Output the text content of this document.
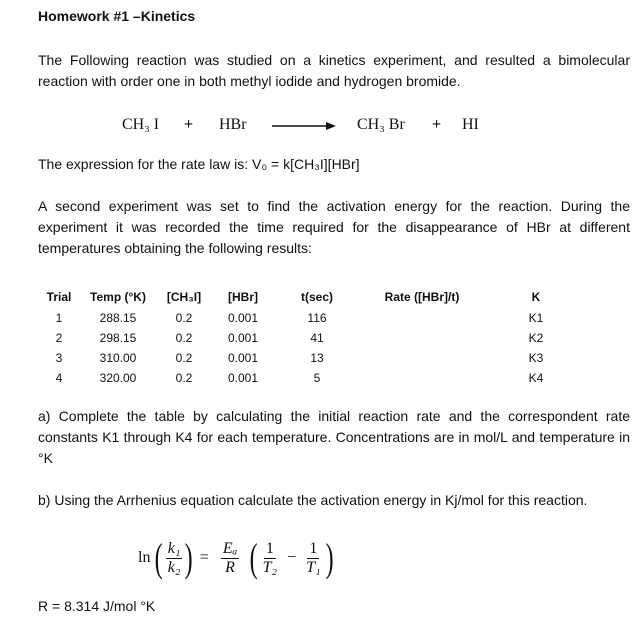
Homework #1 –Kinetics
The Following reaction was studied on a kinetics experiment, and resulted a bimolecular reaction with order one in both methyl iodide and hydrogen bromide.
CH₃ I + HBr → CH₃ Br + HI
The expression for the rate law is: V₀ = k[CH₃I][HBr]
A second experiment was set to find the activation energy for the reaction. During the experiment it was recorded the time required for the disappearance of HBr at different temperatures obtaining the following results:
Trial	Temp (°K)	[CH₃I]	[HBr]	t(sec)	Rate ([HBr]/t)	K
1	288.15	0.2	0.001	116		K1
2	298.15	0.2	0.001	41		K2
3	310.00	0.2	0.001	13		K3
4	320.00	0.2	0.001	5		K4
a) Complete the table by calculating the initial reaction rate and the correspondent rate constants K1 through K4 for each temperature. Concentrations are in mol/L and temperature in °K
b) Using the Arrhenius equation calculate the activation energy in Kj/mol for this reaction.
ln ( $\frac{\text{k₁}}{\text{k₂}}$ ) = $\frac{\text{Eₐ}}{R}$ ( $\frac{1}{\text{T₂}} - \frac{1}{\text{T₁}}$ )
R = 8.314 J/mol °K
